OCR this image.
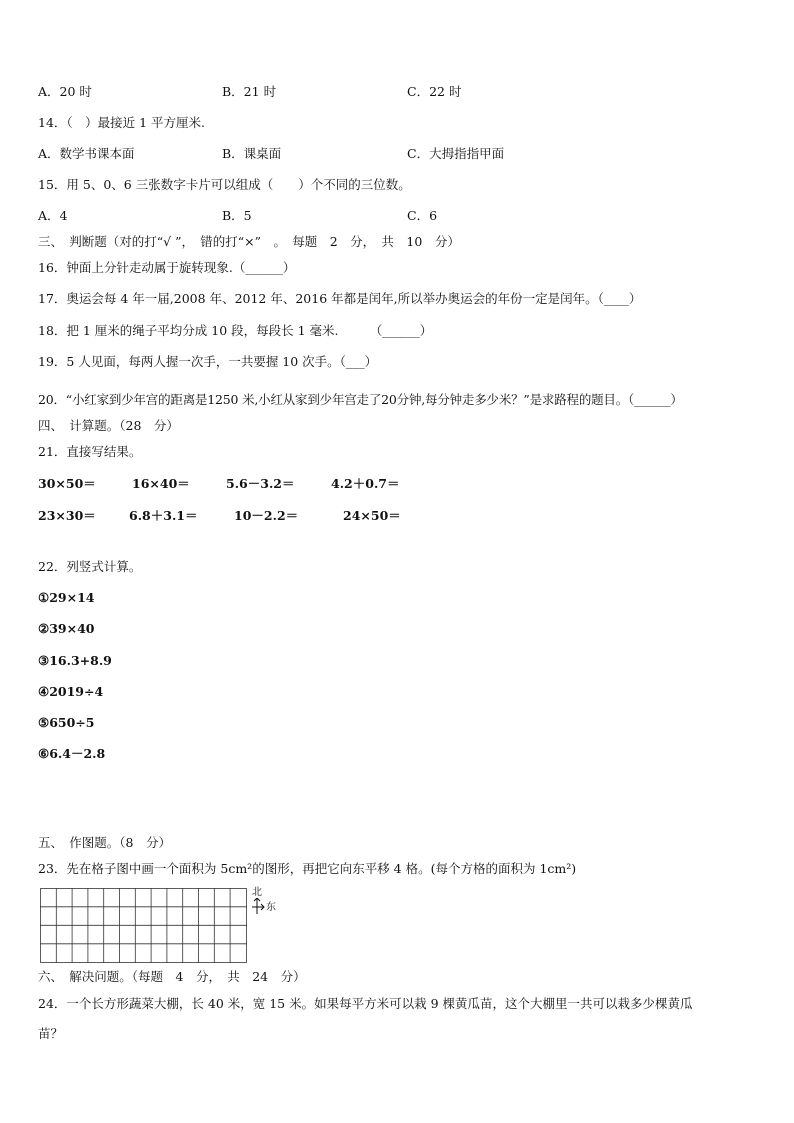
A．20 时	B．21 时	C．22 时
14．（　）最接近 1 平方厘米.
A．数学书课本面	B．课桌面	C．大拇指指甲面
15．用 5、0、6 三张数字卡片可以组成（　　）个不同的三位数。
A．4	B．5	C．6
三、　判断题（对的打“√ ”，　错的打“×”　。　每题　2　分，　共　10　分）
16．钟面上分针走动属于旋转现象.（______）
17．奥运会每 4 年一届,2008 年、2012 年、2016 年都是闰年,所以举办奥运会的年份一定是闰年。（____）
18．把 1 厘米的绳子平均分成 10 段，每段长 1 毫米.　　　（______）
19．5 人见面，每两人握一次手，一共要握 10 次手。（___）
20．“小红家到少年宫的距离是1250 米,小红从家到少年宫走了20分钟,每分钟走多少米？”是求路程的题目。（______）
四、　计算题。（28　分）
21．直接写结果。
30×50＝	16×40＝	5.6－3.2＝	4.2＋0.7＝
23×30＝	6.8＋3.1＝	10－2.2＝	24×50＝
22．列竖式计算。
①29×14
②39×40
③16.3+8.9
④2019÷4
⑤650÷5
⑥6.4－2.8
五、　作图题。（8　分）
23．先在格子图中画一个面积为 5cm²的图形，再把它向东平移 4 格。(每个方格的面积为 1cm²)
北
东
六、　解决问题。（每题　4　分，　共　24　分）
24．一个长方形蔬菜大棚，长 40 米，宽 15 米。如果每平方米可以栽 9 棵黄瓜苗，这个大棚里一共可以栽多少棵黄瓜
苗？
